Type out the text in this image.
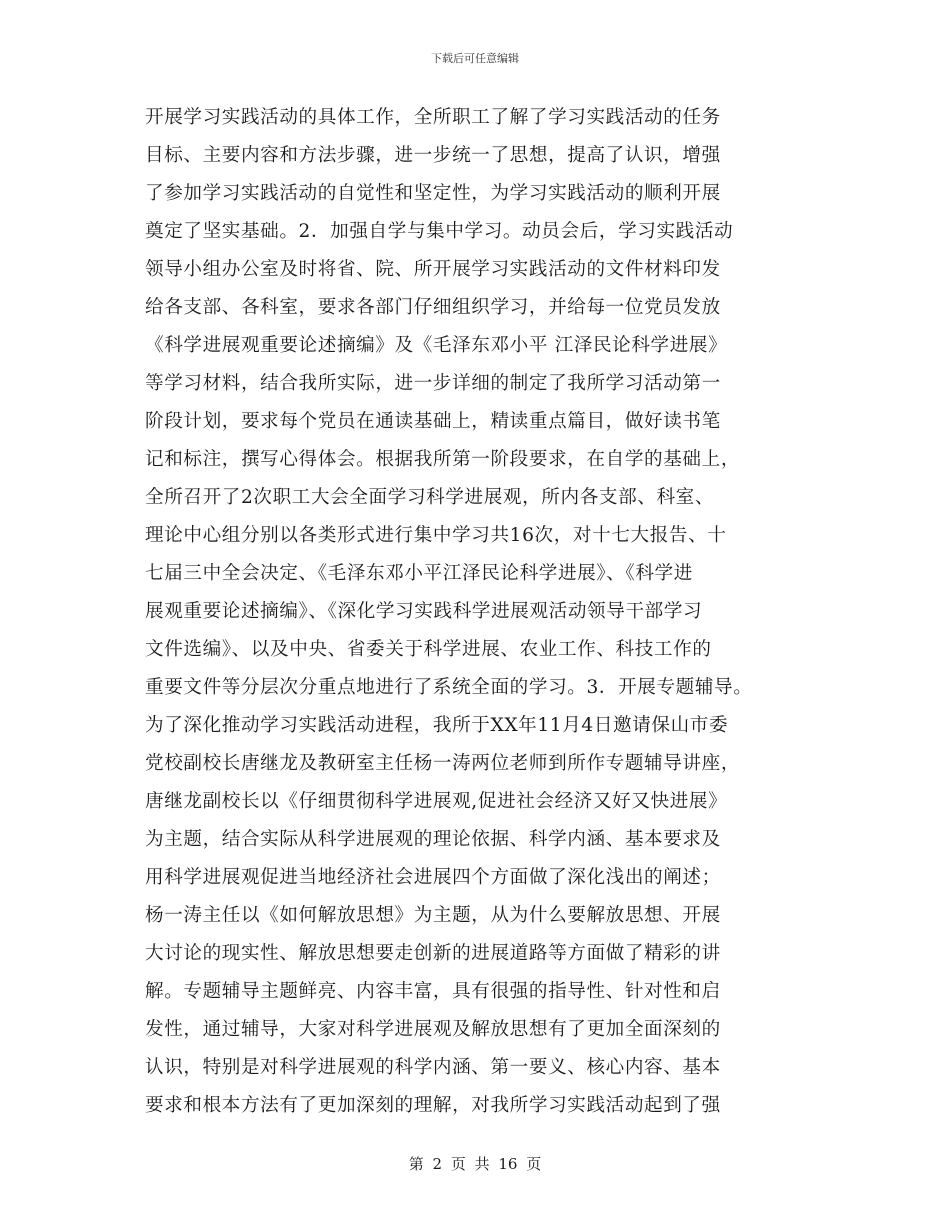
下载后可任意编辑
开展学习实践活动的具体工作，全所职工了解了学习实践活动的任务
目标、主要内容和方法步骤，进一步统一了思想，提高了认识，增强
了参加学习实践活动的自觉性和坚定性，为学习实践活动的顺利开展
奠定了坚实基础。2．加强自学与集中学习。动员会后，学习实践活动
领导小组办公室及时将省、院、所开展学习实践活动的文件材料印发
给各支部、各科室，要求各部门仔细组织学习，并给每一位党员发放
《科学进展观重要论述摘编》及《毛泽东邓小平 江泽民论科学进展》
等学习材料，结合我所实际，进一步详细的制定了我所学习活动第一
阶段计划，要求每个党员在通读基础上，精读重点篇目，做好读书笔
记和标注，撰写心得体会。根据我所第一阶段要求，在自学的基础上，
全所召开了2次职工大会全面学习科学进展观，所内各支部、科室、
理论中心组分别以各类形式进行集中学习共16次，对十七大报告、十
七届三中全会决定、《毛泽东邓小平江泽民论科学进展》、《科学进
展观重要论述摘编》、《深化学习实践科学进展观活动领导干部学习
文件选编》、以及中央、省委关于科学进展、农业工作、科技工作的
重要文件等分层次分重点地进行了系统全面的学习。3．开展专题辅导。
为了深化推动学习实践活动进程，我所于XX年11月4日邀请保山市委
党校副校长唐继龙及教研室主任杨一涛两位老师到所作专题辅导讲座，
唐继龙副校长以《仔细贯彻科学进展观,促进社会经济又好又快进展》
为主题，结合实际从科学进展观的理论依据、科学内涵、基本要求及
用科学进展观促进当地经济社会进展四个方面做了深化浅出的阐述；
杨一涛主任以《如何解放思想》为主题，从为什么要解放思想、开展
大讨论的现实性、解放思想要走创新的进展道路等方面做了精彩的讲
解。专题辅导主题鲜亮、内容丰富，具有很强的指导性、针对性和启
发性，通过辅导，大家对科学进展观及解放思想有了更加全面深刻的
认识，特别是对科学进展观的科学内涵、第一要义、核心内容、基本
要求和根本方法有了更加深刻的理解，对我所学习实践活动起到了强
第 2 页 共 16 页
